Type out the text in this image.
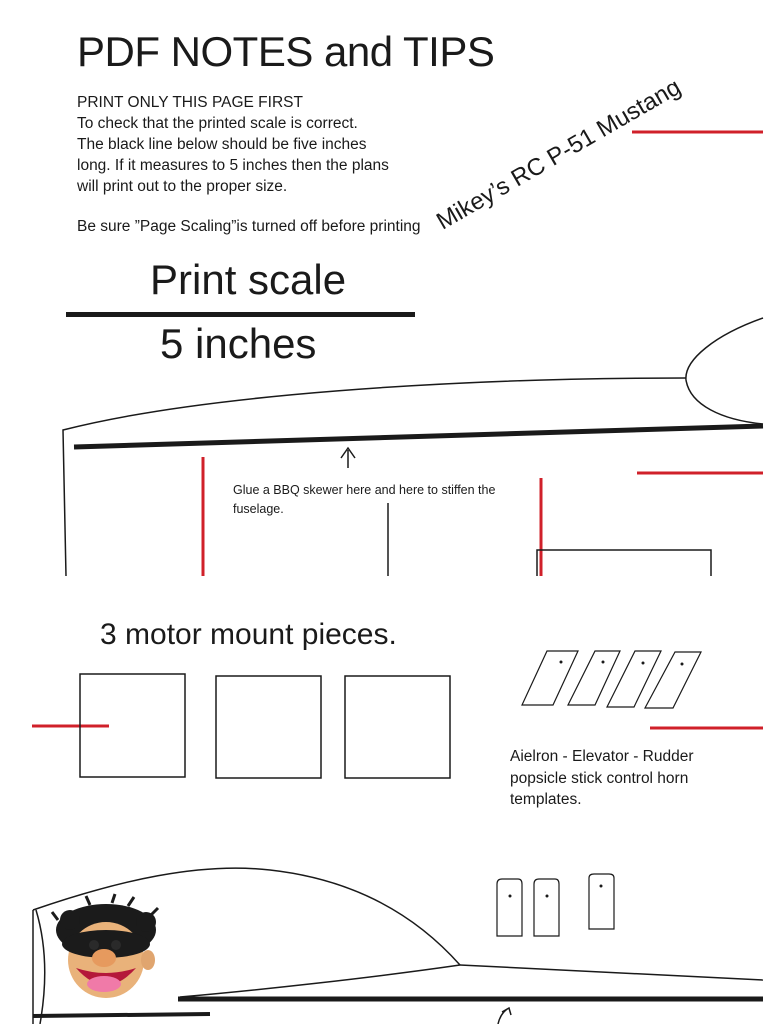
PDF NOTES and TIPS
PRINT ONLY THIS PAGE FIRST
To check that the printed scale is correct.
The black line below should be five inches
long. If it measures to 5 inches then the plans
will print out to the proper size.
Be sure ”Page Scaling”is turned off before printing
Print scale
5 inches
Mikey’s RC P-51 Mustang
Glue a BBQ skewer here and here to stiffen the
fuselage.
3 motor mount pieces.
Aielron - Elevator - Rudder
popsicle stick control horn
templates.
